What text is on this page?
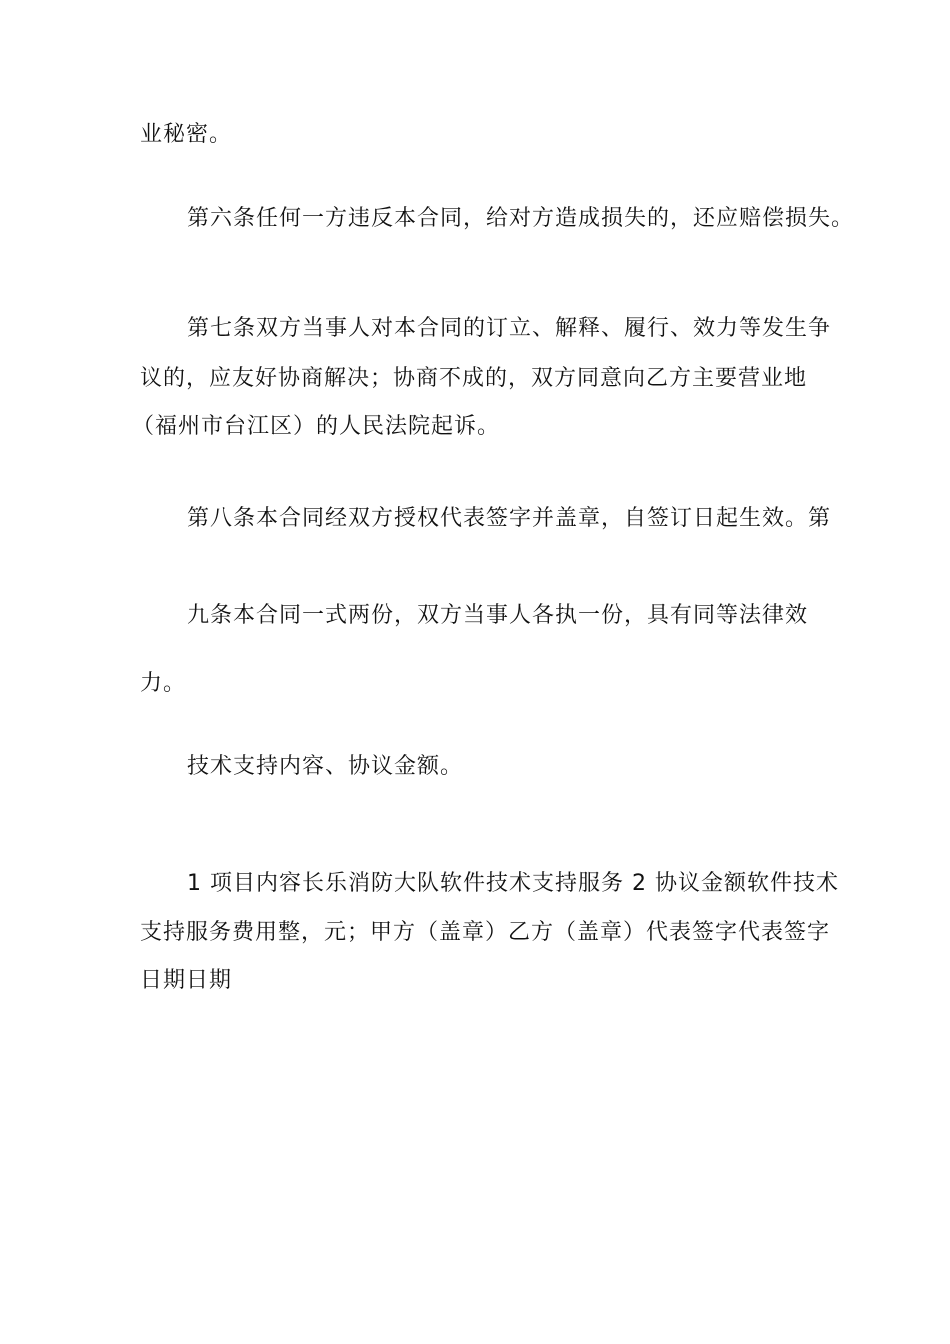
业秘密。
第六条任何一方违反本合同，给对方造成损失的，还应赔偿损失。
第七条双方当事人对本合同的订立、解释、履行、效力等发生争
议的，应友好协商解决；协商不成的，双方同意向乙方主要营业地
（福州市台江区）的人民法院起诉。
第八条本合同经双方授权代表签字并盖章，自签订日起生效。第
九条本合同一式两份，双方当事人各执一份，具有同等法律效
力。
技术支持内容、协议金额。
1 项目内容长乐消防大队软件技术支持服务 2 协议金额软件技术
支持服务费用整，元；甲方（盖章）乙方（盖章）代表签字代表签字
日期日期
